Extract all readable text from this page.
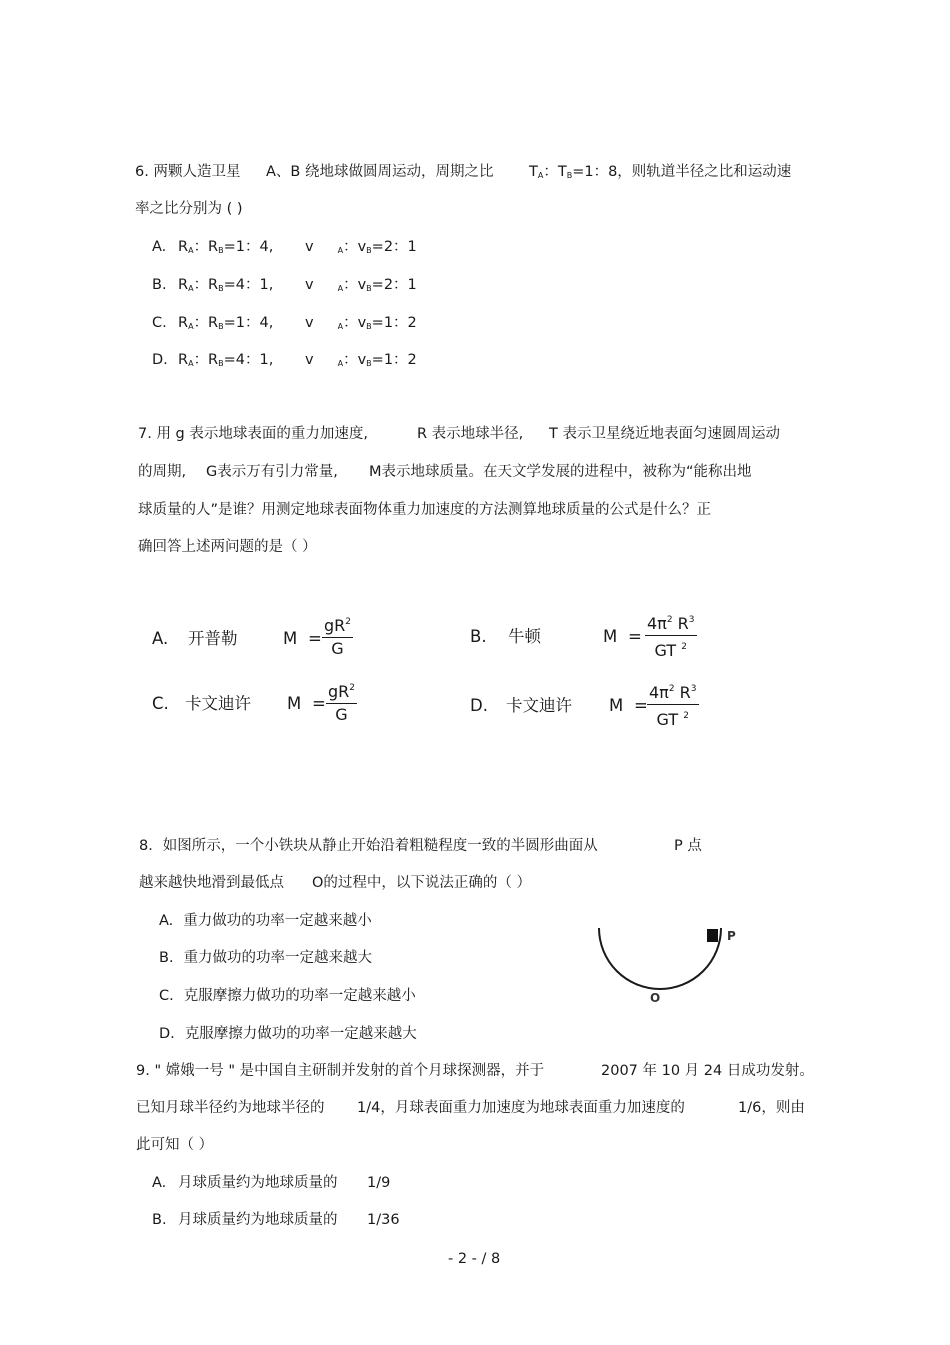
6. 两颗人造卫星 A、B 绕地球做圆周运动，周期之比 TA：TB=1：8，则轨道半径之比和运动速
率之比分别为 ( )
A. RA：RB=1：4, v	A：vB=2：1
B. RA：RB=4：1, v	A：vB=2：1
C. RA：RB=1：4, v	A：vB=1：2
D. RA：RB=4：1, v	A：vB=1：2
7. 用 g 表示地球表面的重力加速度,	R 表示地球半径, T 表示卫星绕近地表面匀速圆周运动
的周期, G表示万有引力常量, M表示地球质量。在天文学发展的进程中，被称为“能称出地
球质量的人”是谁？用测定地球表面物体重力加速度的方法测算地球质量的公式是什么？正
确回答上述两问题的是（ ）
A. 开普勒	M =
$gR^2$
G
B. 牛顿	M =
$4\pi^2$ $R^3$
GT $^2$
C. 卡文迪许 M =
$gR^2$
G	D. 卡文迪许 M =
$4\pi^2$ $R^3$
GT $^2$
8．如图所示，一个小铁块从静止开始沿着粗糙程度一致的半圆形曲面从	P 点
越来越快地滑到最低点 O的过程中，以下说法正确的（ ）
A. 重力做功的功率一定越来越小
B. 重力做功的功率一定越来越大
C. 克服摩擦力做功的功率一定越来越小
D. 克服摩擦力做功的功率一定越来越大
P
O
9. " 嫦娥一号 " 是中国自主研制并发射的首个月球探测器，并于	2007 年 10 月 24 日成功发射。
已知月球半径约为地球半径的 1/4，月球表面重力加速度为地球表面重力加速度的	1/6，则由
此可知（ ）
A. 月球质量约为地球质量的 1/9
B. 月球质量约为地球质量的 1/36
- 2 - / 8
